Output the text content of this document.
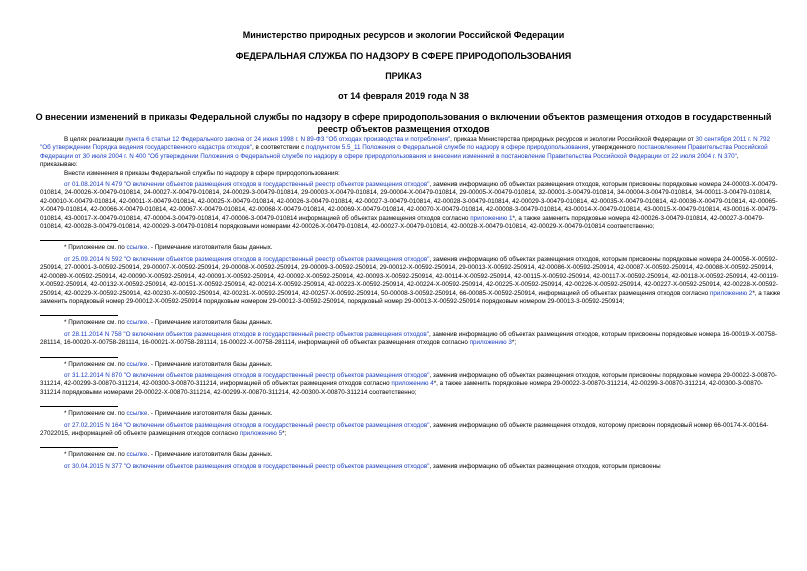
Министерство природных ресурсов и экологии Российской Федерации
ФЕДЕРАЛЬНАЯ СЛУЖБА ПО НАДЗОРУ В СФЕРЕ ПРИРОДОПОЛЬЗОВАНИЯ
ПРИКАЗ
от 14 февраля 2019 года N 38
О внесении изменений в приказы Федеральной службы по надзору в сфере природопользования о включении объектов размещения отходов в государственный реестр объектов размещения отходов

В целях реализации пункта 6 статьи 12 Федерального закона от 24 июня 1998 г. N 89-ФЗ "Об отходах производства и потребления", приказа Министерства природных ресурсов и экологии Российской Федерации от 30 сентября 2011 г. N 792 "Об утверждении Порядка ведения государственного кадастра отходов", в соответствии с подпунктом 5.5_11 Положения о Федеральной службе по надзору в сфере природопользования, утвержденного постановлением Правительства Российской Федерации от 30 июля 2004 г. N 400 "Об утверждении Положения о Федеральной службе по надзору в сфере природопользования и внесении изменений в постановление Правительства Российской Федерации от 22 июля 2004 г. N 370",

приказываю:

Внести изменения в приказы Федеральной службы по надзору в сфере природопользования:

от 01.08.2014 N 479 "О включении объектов размещения отходов в государственный реестр объектов размещения отходов", заменив информацию об объектах размещения отходов, которым присвоены порядковые номера 24-00003-Х-00479-010814, 24-00026-Х-00479-010814, 24-00027-Х-00479-010814, 24-00029-3-00479-010814, 29-00003-Х-00479-010814, 29-00004-Х-00479-010814, 29-00005-Х-00479-010814, 32-00001-3-00479-010814, 34-00004-3-00479-010814, 34-00011-3-00479-010814, 42-00010-Х-00479-010814, 42-00011-Х-00479-010814, 42-00025-Х-00479-010814, 42-00026-3-00479-010814, 42-00027-3-00479-010814, 42-00028-3-00479-010814, 42-00029-3-00479-010814, 42-00035-Х-00479-010814, 42-00036-Х-00479-010814, 42-00065-Х-00479-010814, 42-00066-Х-00479-010814, 42-00067-Х-00479-010814, 42-00068-Х-00479-010814, 42-00069-Х-00479-010814, 42-00070-Х-00479-010814, 42-00008-3-00479-010814, 43-00014-Х-00479-010814, 43-00015-Х-00479-010814, 43-00016-Х-00479-010814, 43-00017-Х-00479-010814, 47-00004-3-00479-010814, 47-00006-3-00479-010814 информацией об объектах размещения отходов согласно приложению 1*, а также заменить порядковые номера 42-00026-3-00479-010814, 42-00027-3-00479-010814, 42-00028-3-00479-010814, 42-00029-3-00479-010814 порядковыми номерами 42-00026-Х-00479-010814, 42-00027-Х-00479-010814, 42-00028-Х-00479-010814, 42-00029-Х-00479-010814 соответственно;

* Приложение см. по ссылке. - Примечание изготовителя базы данных.

от 25.09.2014 N 592 "О включении объектов размещения отходов в государственный реестр объектов размещения отходов", заменив информацию об объектах размещения отходов, которым присвоены порядковые номера 24-00056-Х-00592-250914, 27-00001-3-00592-250914, 29-00007-Х-00592-250914, 29-00008-Х-00592-250914, 29-00009-3-00592-250914, 29-00012-Х-00592-250914, 29-00013-Х-00592-250914, 42-00086-Х-00592-250914, 42-00087-Х-00592-250914, 42-00088-Х-00592-250914, 42-00089-Х-00592-250914, 42-00090-Х-00592-250914, 42-00091-Х-00592-250914, 42-00092-Х-00592-250914, 42-00093-Х-00592-250914, 42-00114-Х-00592-250914, 42-00115-Х-00592-250914, 42-00117-Х-00592-250914, 42-00118-Х-00592-250914, 42-00119-Х-00592-250914, 42-00132-Х-00592-250914, 42-00151-Х-00592-250914, 42-00214-Х-00592-250914, 42-00223-Х-00592-250914, 42-00224-Х-00592-250914, 42-00225-Х-00592-250914, 42-00226-Х-00592-250914, 42-00227-Х-00592-250914, 42-00228-Х-00592-250914, 42-00229-Х-00592-250914, 42-00230-Х-00592-250914, 42-00231-Х-00592-250914, 42-00257-Х-00592-250914, 50-00008-3-00592-250914, 66-00085-Х-00592-250914, информацией об объектах размещения отходов согласно приложению 2*, а также заменить порядковый номер 29-00012-Х-00592-250914 порядковым номером 29-00012-3-00592-250914, порядковый номер 29-00013-Х-00592-250914 порядковым номером 29-00013-3-00592-250914;

* Приложение см. по ссылке. - Примечание изготовителя базы данных.

от 28.11.2014 N 758 "О включении объектов размещения отходов в государственный реестр объектов размещения отходов", заменив информацию об объектах размещения отходов, которым присвоены порядковые номера 16-00019-Х-00758-281114, 16-00020-Х-00758-281114, 16-00021-Х-00758-281114, 16-00022-Х-00758-281114, информацией об объектах размещения отходов согласно приложению 3*;

* Приложение см. по ссылке. - Примечание изготовителя базы данных.

от 31.12.2014 N 870 "О включении объектов размещения отходов в государственный реестр объектов размещения отходов", заменив информацию об объектах размещения отходов, которым присвоены порядковые номера 29-00022-3-00870-311214, 42-00299-3-00870-311214, 42-00300-3-00870-311214, информацией об объектах размещения отходов согласно приложению 4*, а также заменить порядковые номера 29-00022-3-00870-311214, 42-00299-3-00870-311214, 42-00300-3-00870-311214 порядковыми номерами 29-00022-Х-00870-311214, 42-00299-Х-00870-311214, 42-00300-Х-00870-311214 соответственно;

* Приложение см. по ссылке. - Примечание изготовителя базы данных.

от 27.02.2015 N 164 "О включении объектов размещения отходов в государственный реестр объектов размещения отходов", заменив информацию об объекте размещения отходов, которому присвоен порядковый номер 66-00174-Х-00164-27022015, информацией об объекте размещения отходов согласно приложению 5*;

* Приложение см. по ссылке. - Примечание изготовителя базы данных.

от 30.04.2015 N 377 "О включении объектов размещения отходов в государственный реестр объектов размещения отходов", заменив информацию об объектах размещения отходов, которым присвоены
